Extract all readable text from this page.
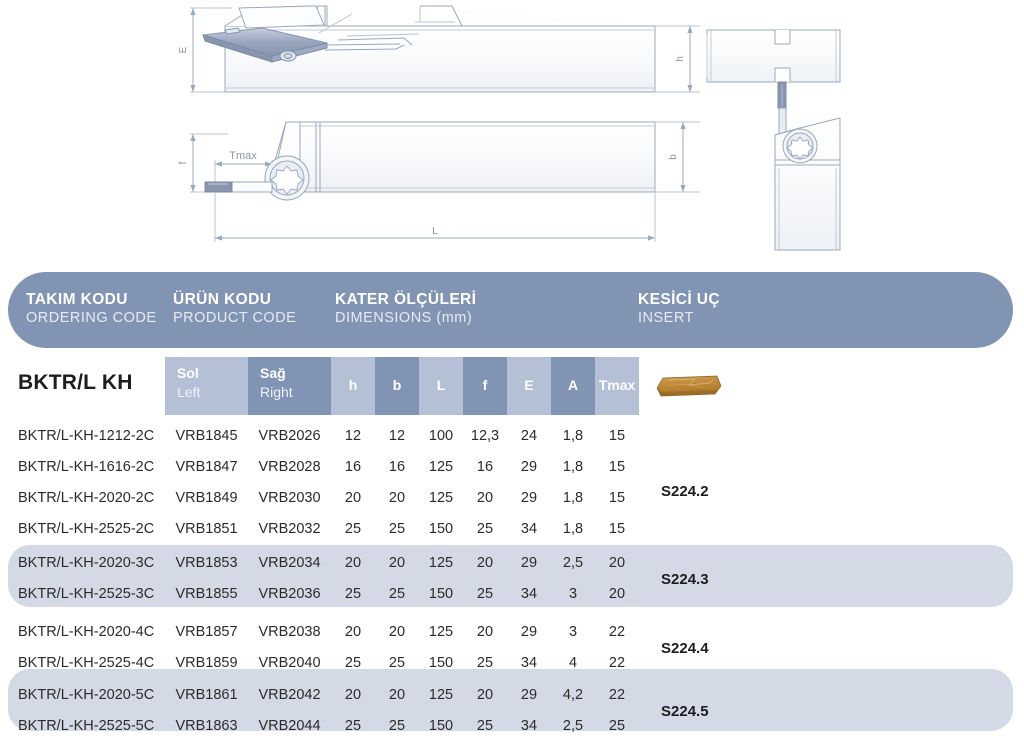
E
h
f
b
L
Tmax
TAKIM KODU
ORDERING CODE
ÜRÜN KODU
PRODUCT CODE
KATER ÖLÇÜLERİ
DIMENSIONS (mm)
KESİCİ UÇ
INSERT
BKTR/L KH	Sol
Left
Sağ
Right	h	b	L	f	E	A	Tmax
BKTR/L-KH-1212-2C	VRB1845	VRB2026	12	12	100	12,3	24	1,8	15
BKTR/L-KH-1616-2C	VRB1847	VRB2028	16	16	125	16	29	1,8	15
BKTR/L-KH-2020-2C	VRB1849	VRB2030	20	20	125	20	29	1,8	15
BKTR/L-KH-2525-2C	VRB1851	VRB2032	25	25	150	25	34	1,8	15
BKTR/L-KH-2020-3C	VRB1853	VRB2034	20	20	125	20	29	2,5	20
BKTR/L-KH-2525-3C	VRB1855	VRB2036	25	25	150	25	34	3	20
BKTR/L-KH-2020-4C	VRB1857	VRB2038	20	20	125	20	29	3	22
BKTR/L-KH-2525-4C	VRB1859	VRB2040	25	25	150	25	34	4	22
BKTR/L-KH-2020-5C	VRB1861	VRB2042	20	20	125	20	29	4,2	22
BKTR/L-KH-2525-5C	VRB1863	VRB2044	25	25	150	25	34	2,5	25
S224.2
S224.3
S224.4
S224.5
